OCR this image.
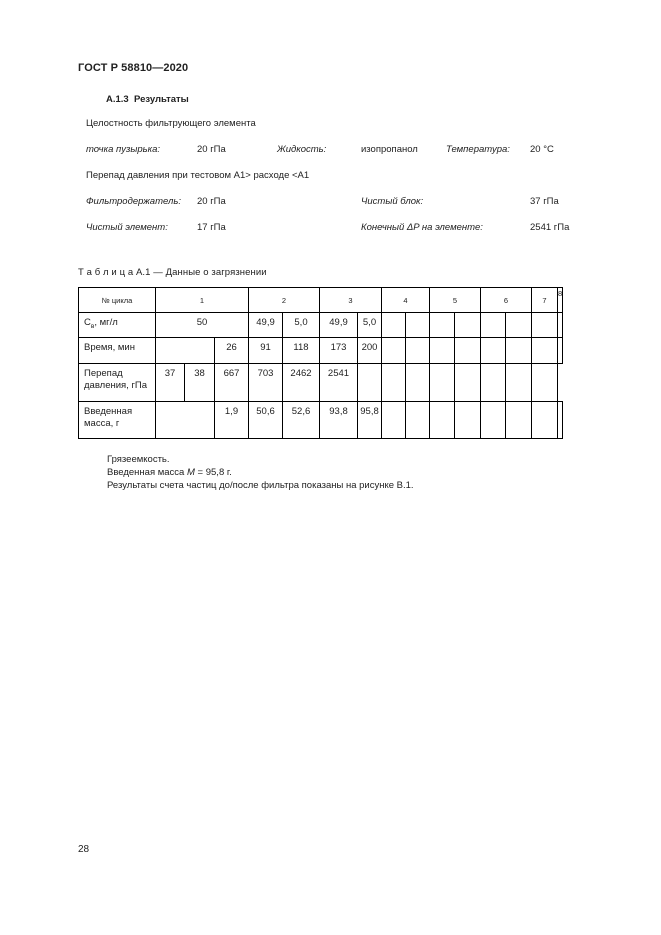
ГОСТ Р 58810—2020
А.1.3 Результаты
Целостность фильтрующего элемента
точка пузырька:	20 гПа	Жидкость:	изопропанол	Температура: 20 °С
Перепад давления при тестовом А1> расходе <А1
Фильтродержатель: 20 гПа	Чистый блок:	37 гПа
Чистый элемент:	17 гПа	Конечный ΔP на элементе:	2541 гПа
Т а б л и ц а А.1 — Данные о загрязнении
№ цикла	1			2		3		4		5		6		7	8

$C_в$, мг/л	50			49,9	5,0	49,9	5,0								

Время, мин			26	91	118	173	200								

Перепад давления, гПа	37	38	667	703	2462	2541									

Введенная масса, г			1,9	50,6	52,6	93,8	95,8								

Грязеемкость.
Введенная масса M = 95,8 г.
Результаты счета частиц до/после фильтра показаны на рисунке В.1.
28
